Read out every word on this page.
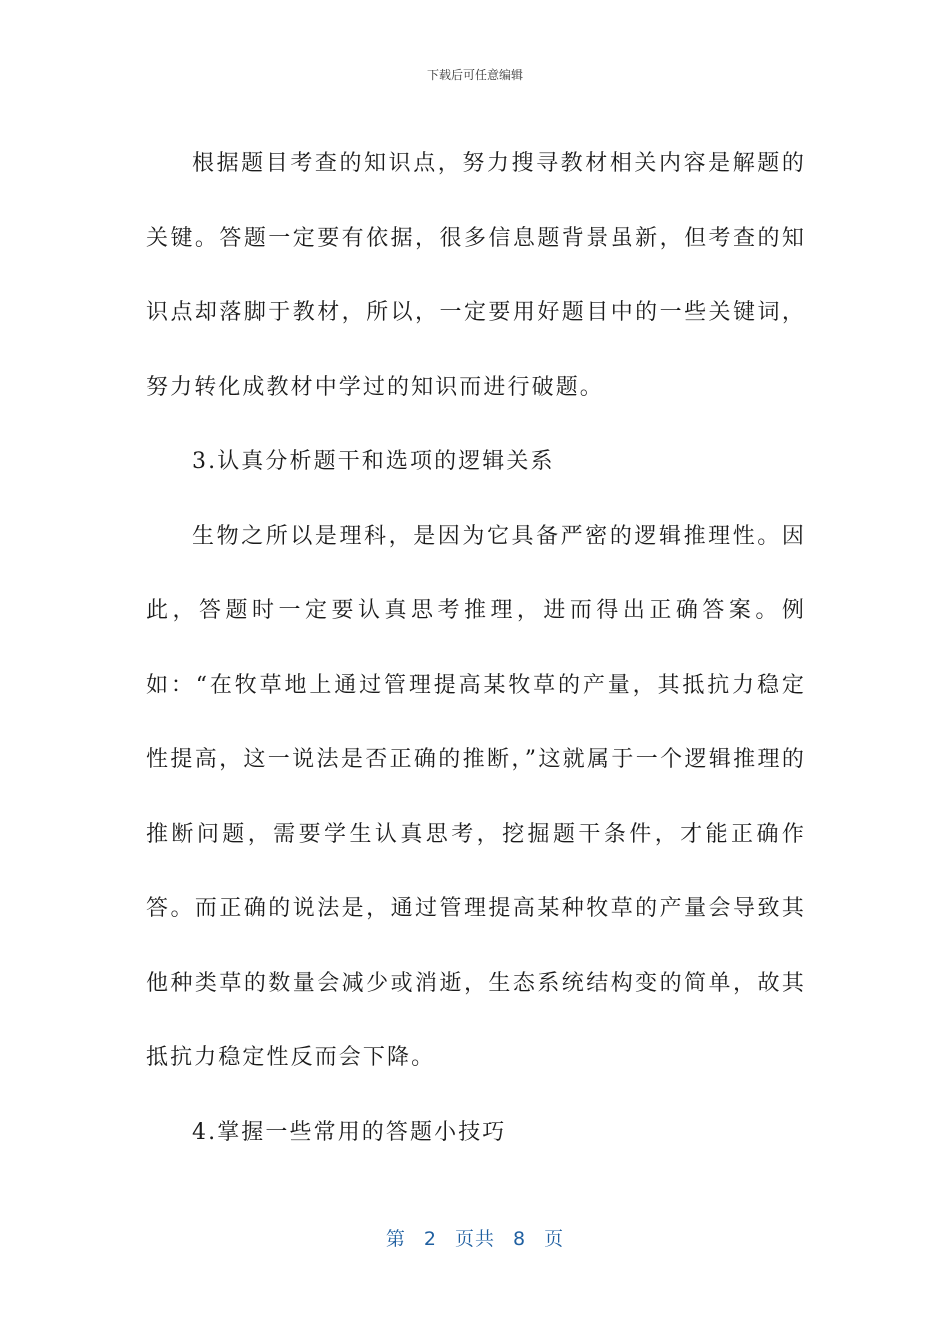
下载后可任意编辑

根据题目考查的知识点，努力搜寻教材相关内容是解题的关键。答题一定要有依据，很多信息题背景虽新，但考查的知识点却落脚于教材，所以，一定要用好题目中的一些关键词，努力转化成教材中学过的知识而进行破题。

3.认真分析题干和选项的逻辑关系

生物之所以是理科，是因为它具备严密的逻辑推理性。因此，答题时一定要认真思考推理，进而得出正确答案。例如：“在牧草地上通过管理提高某牧草的产量，其抵抗力稳定性提高，这一说法是否正确的推断，”这就属于一个逻辑推理的推断问题，需要学生认真思考，挖掘题干条件，才能正确作答。而正确的说法是，通过管理提高某种牧草的产量会导致其他种类草的数量会减少或消逝，生态系统结构变的简单，故其抵抗力稳定性反而会下降。

4.掌握一些常用的答题小技巧

第 2 页共 8 页
